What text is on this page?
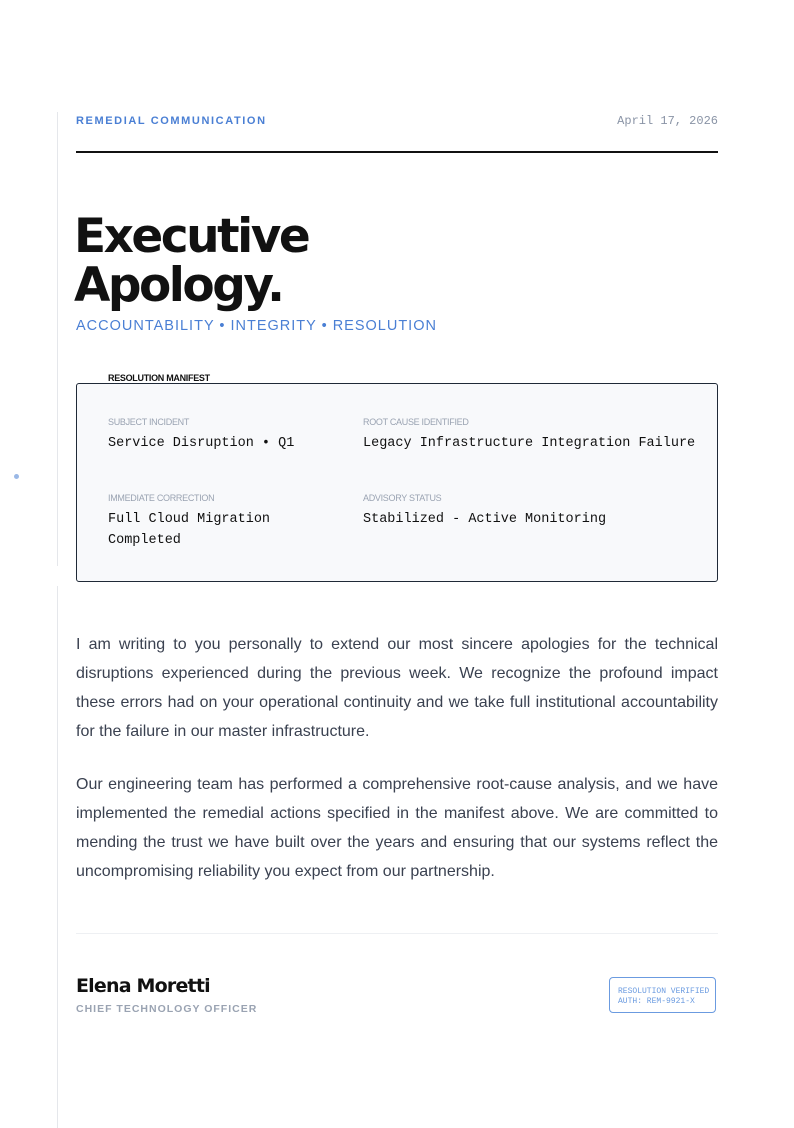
REMEDIAL COMMUNICATION	April 17, 2026
Executive
Apology.
ACCOUNTABILITY • INTEGRITY • RESOLUTION
RESOLUTION MANIFEST
SUBJECT INCIDENT
Service Disruption • Q1
ROOT CAUSE IDENTIFIED
Legacy Infrastructure Integration Failure
IMMEDIATE CORRECTION
Full Cloud Migration
Completed
ADVISORY STATUS
Stabilized - Active Monitoring

I am writing to you personally to extend our most sincere apologies for the technical disruptions experienced during the previous week. We recognize the profound impact these errors had on your operational continuity and we take full institutional accountability for the failure in our master infrastructure.

Our engineering team has performed a comprehensive root-cause analysis, and we have implemented the remedial actions specified in the manifest above. We are committed to mending the trust we have built over the years and ensuring that our systems reflect the uncompromising reliability you expect from our partnership.

Elena Moretti
CHIEF TECHNOLOGY OFFICER
RESOLUTION VERIFIED
AUTH: REM-9921-X
